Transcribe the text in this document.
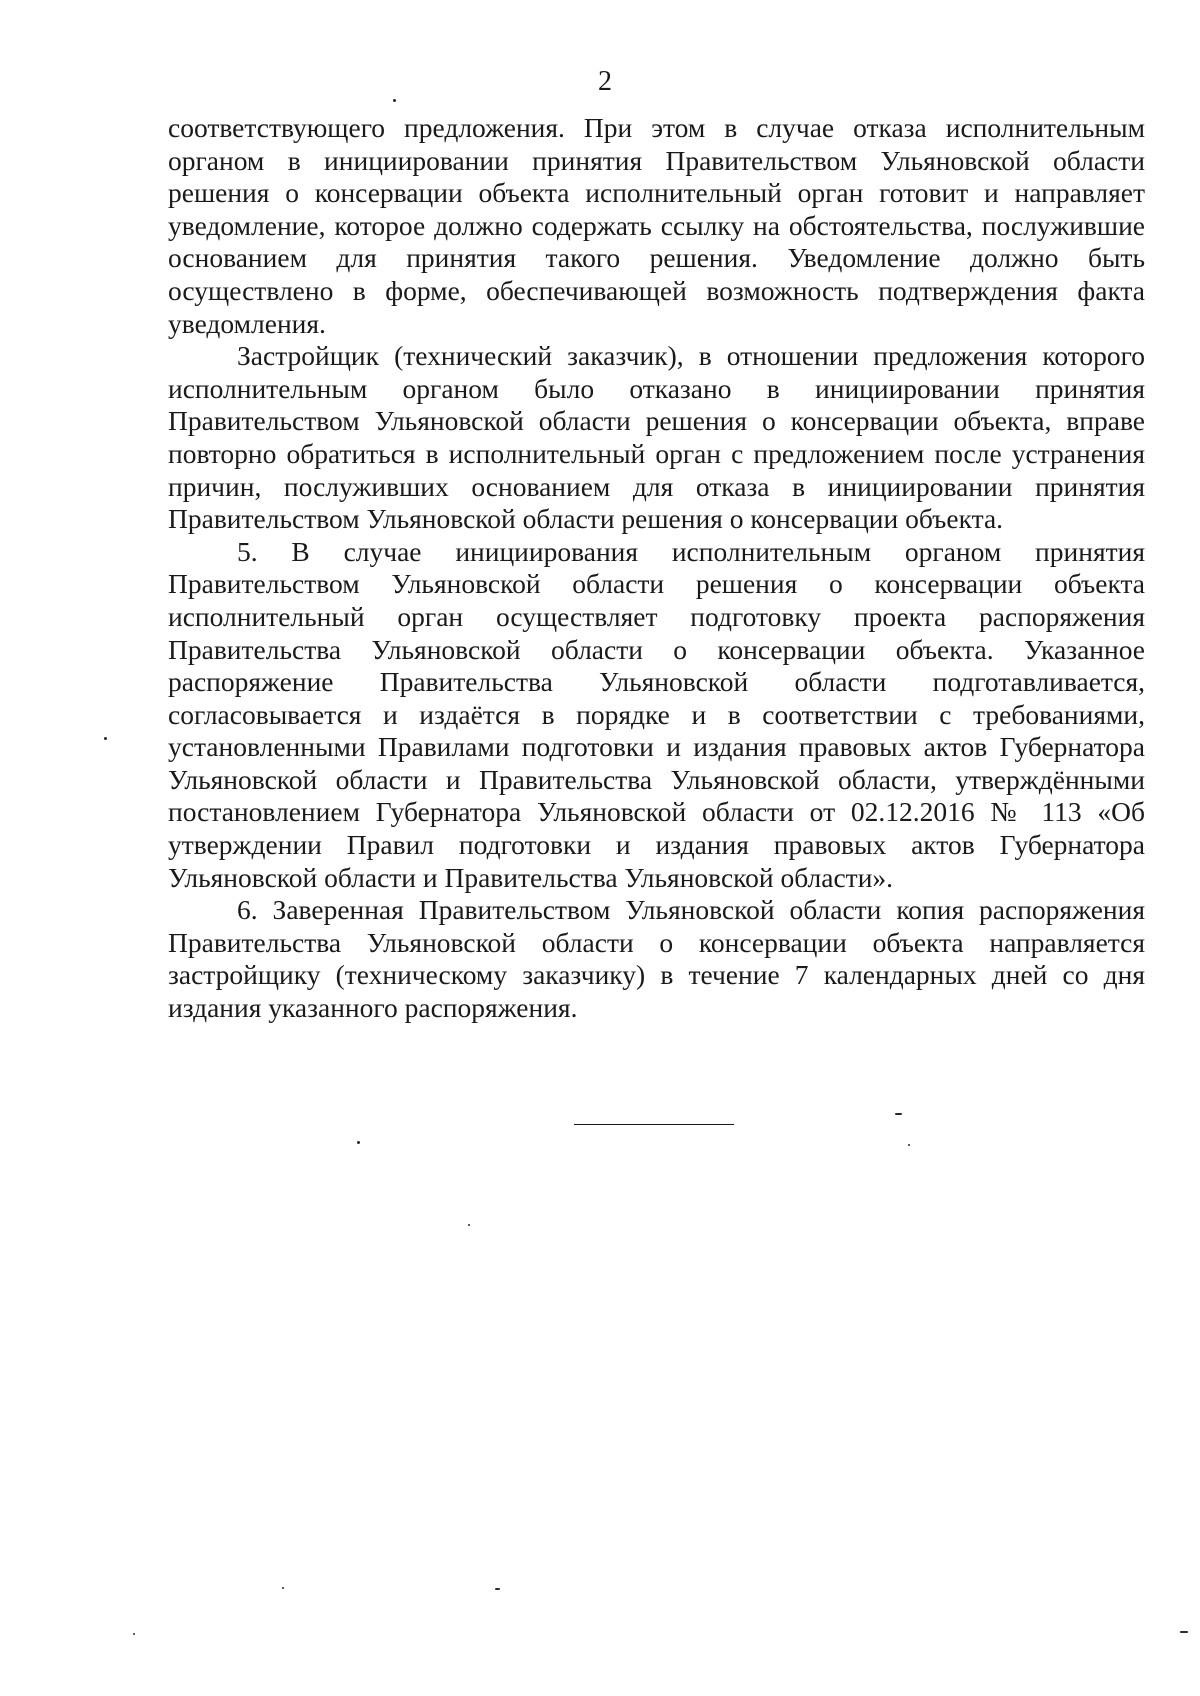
2

соответствующего предложения. При этом в случае отказа исполнительным органом в инициировании принятия Правительством Ульяновской области решения о консервации объекта исполнительный орган готовит и направляет уведомление, которое должно содержать ссылку на обстоятельства, послужившие основанием для принятия такого решения. Уведомление должно быть осуществлено в форме, обеспечивающей возможность подтверждения факта уведомления.

Застройщик (технический заказчик), в отношении предложения которого исполнительным органом было отказано в инициировании принятия Правительством Ульяновской области решения о консервации объекта, вправе повторно обратиться в исполнительный орган с предложением после устранения причин, послуживших основанием для отказа в инициировании принятия Правительством Ульяновской области решения о консервации объекта.

5. В случае инициирования исполнительным органом принятия Правительством Ульяновской области решения о консервации объекта исполнительный орган осуществляет подготовку проекта распоряжения Правительства Ульяновской области о консервации объекта. Указанное распоряжение Правительства Ульяновской области подготавливается, согласовывается и издаётся в порядке и в соответствии с требованиями, установленными Правилами подготовки и издания правовых актов Губернатора Ульяновской области и Правительства Ульяновской области, утверждёнными постановлением Губернатора Ульяновской области от 02.12.2016 № 113 «Об утверждении Правил подготовки и издания правовых актов Губернатора Ульяновской области и Правительства Ульяновской области».

6. Заверенная Правительством Ульяновской области копия распоряжения Правительства Ульяновской области о консервации объекта направляется застройщику (техническому заказчику) в течение 7 календарных дней со дня издания указанного распоряжения.
